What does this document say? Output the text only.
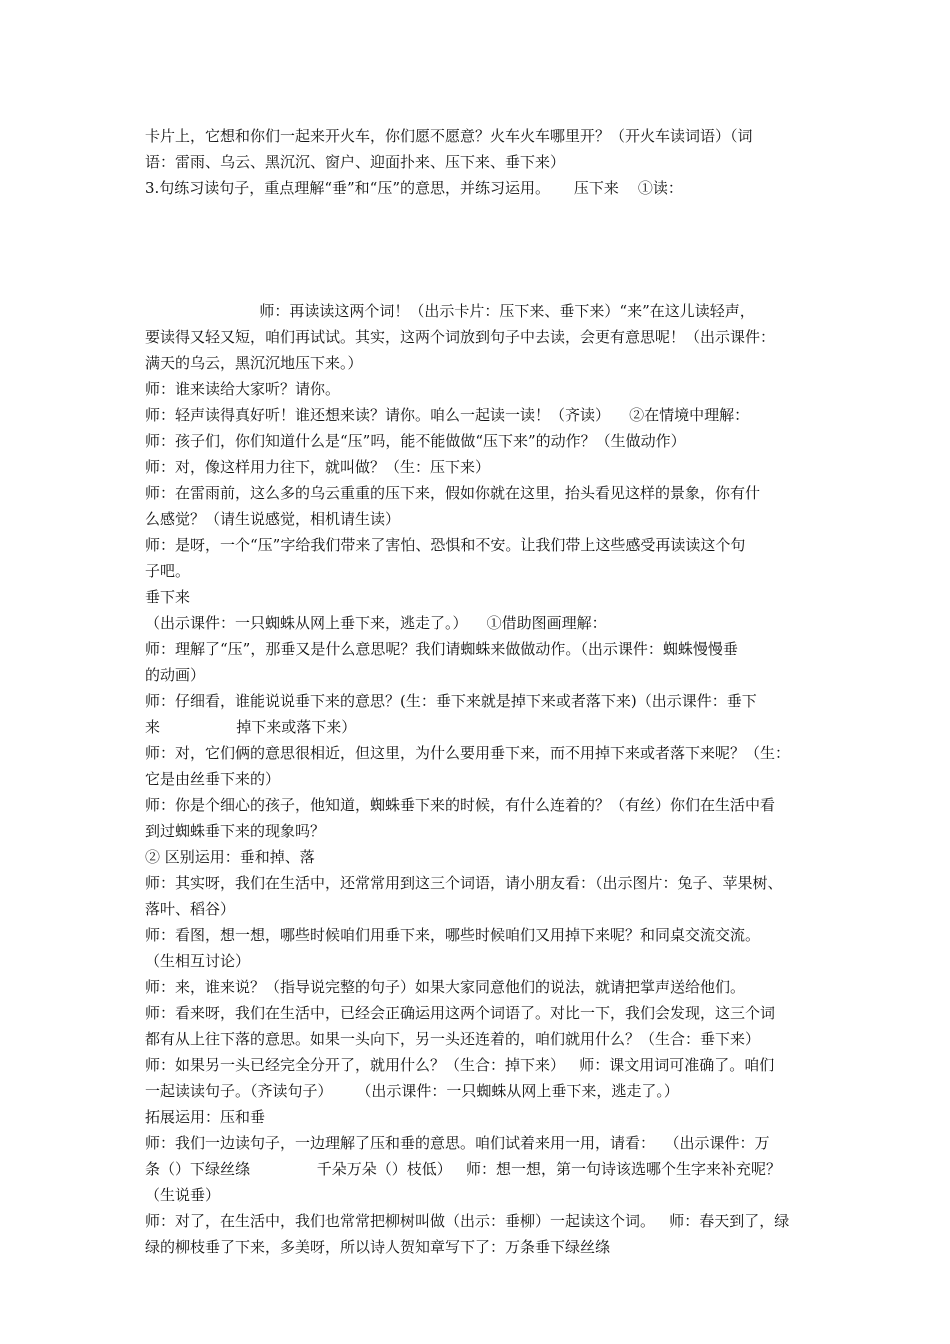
卡片上，它想和你们一起来开火车，你们愿不愿意？火车火车哪里开？（开火车读词语）（词
语：雷雨、乌云、黑沉沉、窗户、迎面扑来、压下来、垂下来）
3.句练习读句子，重点理解“垂”和“压”的意思，并练习运用。     压下来    ①读：
师：再读读这两个词！（出示卡片：压下来、垂下来）“来”在这儿读轻声，
要读得又轻又短，咱们再试试。其实，这两个词放到句子中去读，会更有意思呢！（出示课件：
满天的乌云，黑沉沉地压下来。）
师：谁来读给大家听？请你。
师：轻声读得真好听！谁还想来读？请你。咱么一起读一读！（齐读）    ②在情境中理解：
师：孩子们，你们知道什么是“压”吗，能不能做做“压下来”的动作？（生做动作）
师：对，像这样用力往下，就叫做？（生：压下来）
师：在雷雨前，这么多的乌云重重的压下来，假如你就在这里，抬头看见这样的景象，你有什
么感觉？（请生说感觉，相机请生读）
师：是呀，一个“压”字给我们带来了害怕、恐惧和不安。让我们带上这些感受再读读这个句
子吧。
垂下来
（出示课件：一只蜘蛛从网上垂下来，逃走了。）    ①借助图画理解：
师：理解了“压”，那垂又是什么意思呢？我们请蜘蛛来做做动作。（出示课件：蜘蛛慢慢垂
的动画）
师：仔细看，谁能说说垂下来的意思？(生：垂下来就是掉下来或者落下来)（出示课件：垂下
来                掉下来或落下来）
师：对，它们俩的意思很相近，但这里，为什么要用垂下来，而不用掉下来或者落下来呢？（生：
它是由丝垂下来的）
师：你是个细心的孩子，他知道，蜘蛛垂下来的时候，有什么连着的？（有丝）你们在生活中看
到过蜘蛛垂下来的现象吗？
② 区别运用：垂和掉、落
师：其实呀，我们在生活中，还常常用到这三个词语，请小朋友看：（出示图片：兔子、苹果树、
落叶、稻谷）
师：看图，想一想，哪些时候咱们用垂下来，哪些时候咱们又用掉下来呢？和同桌交流交流。
（生相互讨论）
师：来，谁来说？（指导说完整的句子）如果大家同意他们的说法，就请把掌声送给他们。
师：看来呀，我们在生活中，已经会正确运用这两个词语了。对比一下，我们会发现，这三个词
都有从上往下落的意思。如果一头向下，另一头还连着的，咱们就用什么？（生合：垂下来）
师：如果另一头已经完全分开了，就用什么？（生合：掉下来）   师：课文用词可准确了。咱们
一起读读句子。（齐读句子）     （出示课件：一只蜘蛛从网上垂下来，逃走了。）
拓展运用：压和垂
师：我们一边读句子，一边理解了压和垂的意思。咱们试着来用一用，请看：  （出示课件：万
条（）下绿丝绦              千朵万朵（）枝低）   师：想一想，第一句诗该选哪个生字来补充呢？
（生说垂）
师：对了，在生活中，我们也常常把柳树叫做（出示：垂柳）一起读这个词。   师：春天到了，绿
绿的柳枝垂了下来，多美呀，所以诗人贺知章写下了：万条垂下绿丝绦
